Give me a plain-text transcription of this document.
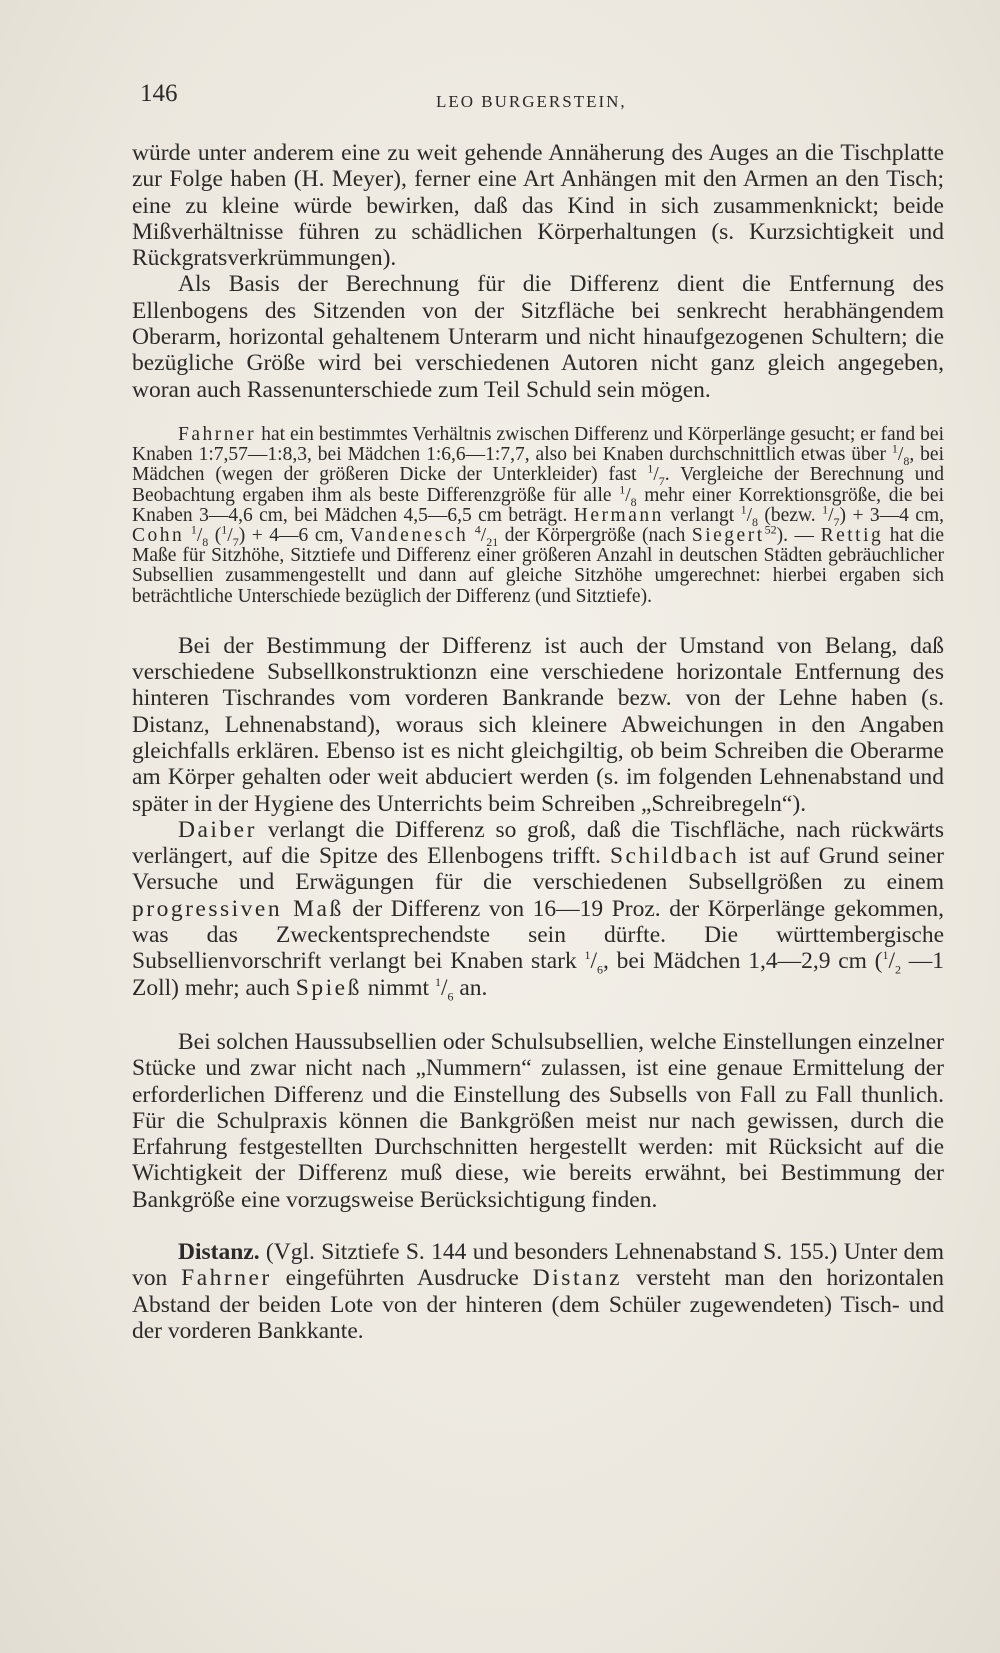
146	LEO BURGERSTEIN,

würde unter anderem eine zu weit gehende Annäherung des Auges an die Tischplatte zur Folge haben (H. Meyer), ferner eine Art Anhängen mit den Armen an den Tisch; eine zu kleine würde bewirken, daß das Kind in sich zusammenknickt; beide Mißverhältnisse führen zu schädlichen Körperhaltungen (s. Kurzsichtigkeit und Rückgratsverkrümmungen).

Als Basis der Berechnung für die Differenz dient die Entfernung des Ellenbogens des Sitzenden von der Sitzfläche bei senkrecht herabhängendem Oberarm, horizontal gehaltenem Unterarm und nicht hinaufgezogenen Schultern; die bezügliche Größe wird bei verschiedenen Autoren nicht ganz gleich angegeben, woran auch Rassenunterschiede zum Teil Schuld sein mögen.

Fahrner hat ein bestimmtes Verhältnis zwischen Differenz und Körperlänge gesucht; er fand bei Knaben 1:7,57—1:8,3, bei Mädchen 1:6,6—1:7,7, also bei Knaben durchschnittlich etwas über $^1/_8$, bei Mädchen (wegen der größeren Dicke der Unterkleider) fast $^1/_7$. Vergleiche der Berechnung und Beobachtung ergaben ihm als beste Differenzgröße für alle $^1/_8$ mehr einer Korrektionsgröße, die bei Knaben 3—4,6 cm, bei Mädchen 4,5—6,5 cm beträgt. Hermann verlangt $^1/_8$ (bezw. $^1/_7$) + 3—4 cm, Cohn $^1/_8$ $(^1/_7)$ + 4—6 cm, Vandenesch $^4/_{21}$ der Körpergröße (nach Siegert$^{52}$). — Rettig hat die Maße für Sitzhöhe, Sitztiefe und Differenz einer größeren Anzahl in deutschen Städten gebräuchlicher Subsellien zusammengestellt und dann auf gleiche Sitzhöhe umgerechnet: hierbei ergaben sich beträchtliche Unterschiede bezüglich der Differenz (und Sitztiefe).

Bei der Bestimmung der Differenz ist auch der Umstand von Belang, daß verschiedene Subsellkonstruktionzn eine verschiedene horizontale Entfernung des hinteren Tischrandes vom vorderen Bankrande bezw. von der Lehne haben (s. Distanz, Lehnenabstand), woraus sich kleinere Abweichungen in den Angaben gleichfalls erklären. Ebenso ist es nicht gleichgiltig, ob beim Schreiben die Oberarme am Körper gehalten oder weit abduciert werden (s. im folgenden Lehnenabstand und später in der Hygiene des Unterrichts beim Schreiben „Schreibregeln“).

Daiber verlangt die Differenz so groß, daß die Tischfläche, nach rückwärts verlängert, auf die Spitze des Ellenbogens trifft. Schildbach ist auf Grund seiner Versuche und Erwägungen für die verschiedenen Subsellgrößen zu einem progressiven Maß der Differenz von 16—19 Proz. der Körperlänge gekommen, was das Zweckentsprechendste sein dürfte. Die württembergische Subsellienvorschrift verlangt bei Knaben stark $^1/_6$, bei Mädchen 1,4—2,9 cm ($^1/_2$ —1 Zoll) mehr; auch Spieß nimmt $^1/_6$ an.

Bei solchen Haussubsellien oder Schulsubsellien, welche Einstellungen einzelner Stücke und zwar nicht nach „Nummern“ zulassen, ist eine genaue Ermittelung der erforderlichen Differenz und die Einstellung des Subsells von Fall zu Fall thunlich. Für die Schulpraxis können die Bankgrößen meist nur nach gewissen, durch die Erfahrung festgestellten Durchschnitten hergestellt werden: mit Rücksicht auf die Wichtigkeit der Differenz muß diese, wie bereits erwähnt, bei Bestimmung der Bankgröße eine vorzugsweise Berücksichtigung finden.

Distanz. (Vgl. Sitztiefe S. 144 und besonders Lehnenabstand S. 155.) Unter dem von Fahrner eingeführten Ausdrucke Distanz versteht man den horizontalen Abstand der beiden Lote von der hinteren (dem Schüler zugewendeten) Tisch- und der vorderen Bankkante.
